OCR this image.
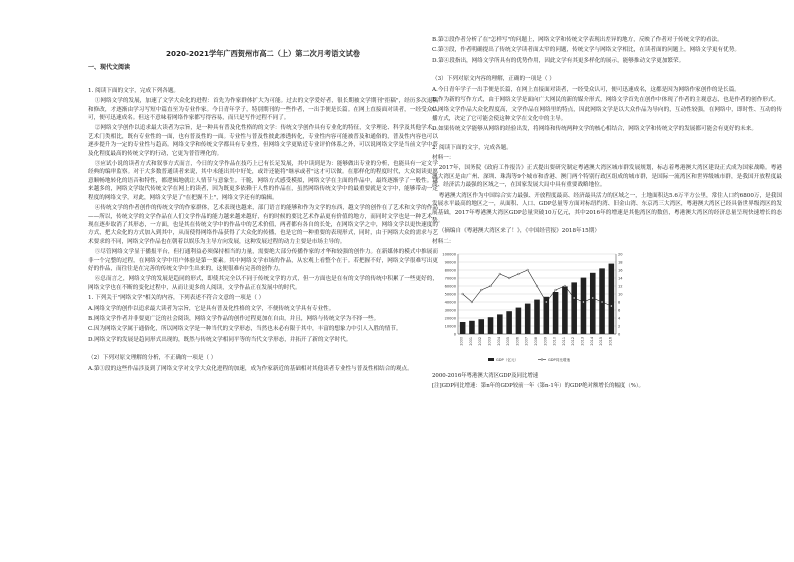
2020-2021学年广西贺州市高二（上）第二次月考语文试卷
一、现代文阅读

1. 阅读下面的文字，完成下列各题。

①网络文学的发展，加速了文学大众化的进程：首先为作家群体扩大为可能。过去的文学爱好者，很长期被文学期刊"拒稿"，经历多次退稿和修改，才逐渐由学习写短中篇直至为专业作家。今日青年学子，特别期刊的一些作者，一出手便是长篇。在网上直接面对读者，一经受众认可，便可迅速成名。但这不意味着网络作家都写得容易，而只是写作过程不同了。

②网络文学创作以追求最大读者为宗旨，是一种具有普及化性格的的文学：传统文学创作具有专业化的特征，文学理论、科学及其他学术、艺术门类相比，既有专业性的一面，也有普及性的一面。专业性与普及性彼此渗透转化，专业性内容可能被普及和通俗的，普及性内容也可以逐步提升为一定的专业性与趋高。网络文学和传统文学都具有专业性，但网络文学更贴近专业评价体系之外，可以说网络文学是当前文学中普及化程度最高的传统文学的行动，它更为普管理化的。

③应试小说的读者方式和叙事方式而言，今日的文学作品在技巧上已有长足发展，其中读到是为：能够做出专业的分析，也能具有一定文学经典的编审监察。对于大多数普通读者来说，其中未能出其中好处，或许还能将"继承或者"这才可以做。在那样化的程度时代，大众阅读更愿意顺畅地转化的语音和特性，都逻辑地就让人情节与意象生。干脆，网络方式感受模拟，网络文学在主面的作品中，最终逐渐学了一般性。越来越多的，网络文学取代传统文学在网上的读者，因为既更多依赖于人性的作品在，虽然网络传统文学中的最重要就是文字中，能够带动一定程度的网络文学，对此，网络文学是了"在把握不上"，网络文学还有的编辑。

④传统文学的作者创作的传统文学的作家群体，艺术表现也越来，部门语言的能够和作为文学的东西，越文学的创作在了艺术和文学的作品——所以，传统文学的文学作品在人们文学作品的能力越来越来越好，有的时候的要比艺术作品更有价值的地方，而同时文学也是一种艺术，现在逐步取消了其形态，一方面，也是其在传统文学中的作品中的艺术价值，两者都有各自的长处，在网络文学之中，网络文学以更快速度的方式，把大众化的方式加入到其中，从而使得网络作品获得了大众化的传播，也是它的一种重要的表现形式，同时，由于网络大众的需求与艺术要求的不同，网络文学作品也在朝着以娱乐为主导方向发展，这种发展过程的动力主要是市场主导的。

⑤尽管网络文学显于播报平台，但打通利益必须保持相当的力量，需要绝大部分传播作家的才华和较强的创作力。在新媒体的模式中推展而非一个完整的过程，在网络文学中用户体验是第一要素。其中网络文学市场的作品，从宏观上看整个在于。若把握不好，网络文学很难写出更好的作品，而往往是在完善的传统文学中生出来的，这便很难有完善的创作力。

⑥总而言之，网络文学的发展是趋同的形式，即使其完全以不同于传统文学的方式，但一方面也是在有的文学的传统中积累了一些更好的，网络文学也在不断的变化过程中，从而让更多的人阅读，文学作品正在发展中的时代。

1. 下列关于"网络文学"相关的内容，下列表述不符合文意的一项是（ ）

A.网络文学的创作以追求最大读者为宗旨，它是具有普及化性格的文学，不便传统文学具有专业性。

B.网络文学作者并非要更广泛的社会阅读，网络文学作品的创作过程更加在自由，并且，网络与传统文学为不择一些。

C.因为网络文学属于通俗化，所以网络文学是一种当代的文学形态，当然也未必有限于其中，丰富的想象力中引人入胜的情节。

D.网络文学的发展是趋同形式出现的，既然与传统文学相同平等的当代文学形态，并拓开了新的文学时代。

（2）下列对原文理解的分析，不正确的一项是（ ）

A.第①段的这些作品涉及到了网络文学对文学大众化进程的加速，成为作家新近的基础相对其他读者专业性与普及性相结合的观点。

B.第②段作者分析了在"怎样写"的问题上，网络文学和传统文学表现出差异的地方，反映了作者对于传统文学的看法。

C.第③段，作者明确提出了传统文学读者面太窄的问题，传统文学与网络文学相比，在读者面的问题上，网络文学更有优势。

D.第④段指出，网络文学所具有的优势作用，因此文学有其更多样化的展示，能够推动文学更加繁荣。

（3）下列对原文内容的理解，正确的一项是（ ）

A.今日青年学子一出手便是长篇，在网上直接面对读者，一经受众认可，便可迅速成名，这都是因为网络作家创作的是长篇。

B.作为新的写作方式，由于网络文学是面向广大网民的新的媒介形式，网络文学首先在创作中体现了作者的主观意志，也是作者的创作形式。

C.网络文学作品大众化程度高，文学作品在网络里的特点，因此网络文学是以大众作品为导向的，互动性较强，在网络中，即时性、互动的传播方式，决定了它可能会使这种文学在文化中的主导。

D.如果传统文学能够从网络的经验出发，将网络和传统两种文学的核心相结合，网络文学和传统文学的发展都可能会有更好的未来。

2. 阅读下面的文字，完成各题。

材料一：

2017年，国务院《政府工作报告》正式提出要研究制定粤港澳大湾区城市群发展规划，标志着粤港澳大湾区建设正式成为国家战略。粤港澳大湾区是由广州、深圳、珠海等9个城市和香港、澳门两个特别行政区组成的城市群，是国际一流湾区和世界级城市群，是我国开放程度最高、经济活力最强的区域之一，在国家发展大局中具有重要战略地位。

粤港澳大湾区作为中国综合实力最强、开放程度最高、经济最具活力的区域之一，土地面积达5.6万平方公里，常住人口约6800万，是我国发展水平最高的地区之一，从面积、人口、GDP总量等方面对标纽约湾、旧金山湾、东京湾三大湾区，粤港澳大湾区已经具备世界级湾区的发展基础，2017年粤港澳大湾区GDP总量突破10万亿元，其中2016年的增速是其他湾区的数倍，粤港澳大湾区的经济总量呈现快速增长的态势。

（摘编自《粤港澳大湾区来了！》，《中国经营报》2018年15期）

材料二：

100000
90000
80000
70000
60000
50000
40000
30000
20000
10000
0
20
18
16
14
12
10
8
6
4
2
0
2000 2001 2002 2003 2004 2005 2006 2007 2008 2009 2010 2011 2012 2013 2014 2015 2016
GDP（亿元）	GDP同比增速

2000-2016年粤港澳大湾区GDP及同比增速

[注]GDP同比增速：第n年的GDP较前一年（第n-1年）的GDP绝对额增长的幅度（%）。
